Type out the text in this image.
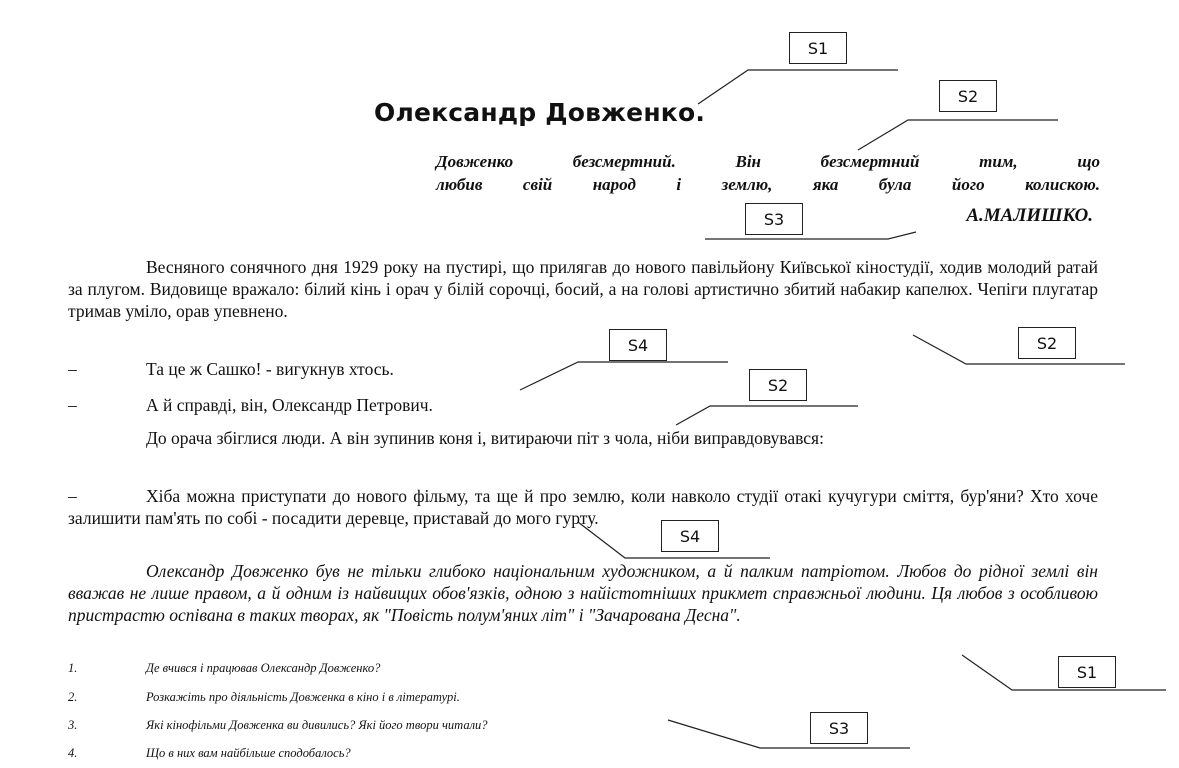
Олександр Довженко.
Довженко безсмертний. Він безсмертний тим, що
любив свій народ і землю, яка була його колискою.
А.МАЛИШКО.
Весняного сонячного дня 1929 року на пустирі, що прилягав до нового павільйону Київської кіностудії, ходив молодий ратай за плугом. Видовище вражало: білий кінь і орач у білій сорочці, босий, а на голові артистично збитий набакир капелюх. Чепіги плугатар тримав уміло, орав упевнено.
–	Та це ж Сашко! - вигукнув хтось.
–	А й справді, він, Олександр Петрович.
До орача збіглися люди. А він зупинив коня і, витираючи піт з чола, ніби виправдовувався:
–	Хіба можна приступати до нового фільму, та ще й про землю, коли навколо студії отакі кучугури сміття, бур'яни? Хто хоче залишити пам'ять по собі - посадити деревце, приставай до мого гурту.
Олександр Довженко був не тільки глибоко національним художником, а й палким патріотом. Любов до рідної землі він вважав не лише правом, а й одним із найвищих обов'язків, одною з найістотніших прикмет справжньої людини. Ця любов з особливою пристрастю оспівана в таких творах, як "Повість полум'яних літ" і "Зачарована Десна".
1.	Де вчився і працював Олександр Довженко?
2.	Розкажіть про діяльність Довженка в кіно і в літературі.
3.	Які кінофільми Довженка ви дивились? Які його твори читали?
4.	Що в них вам найбільше сподобалось?
S1
S2
S3
S2
S4
S2
S4
S1
S3
